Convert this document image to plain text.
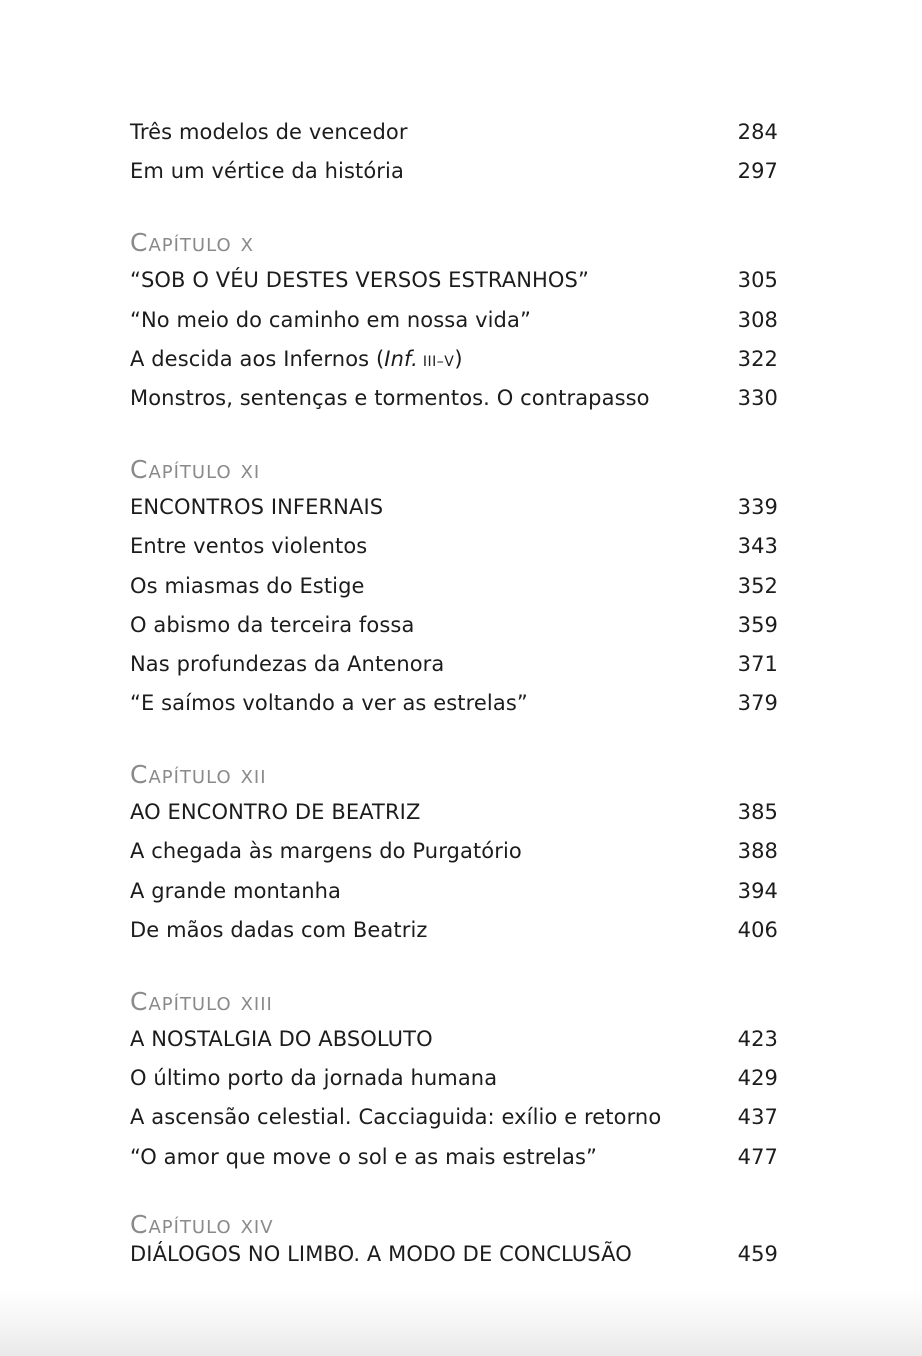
Três modelos de vencedor	284
Em um vértice da história	297
Capítulo x
“SOB O VÉU DESTES VERSOS ESTRANHOS”	305
“No meio do caminho em nossa vida”	308
A descida aos Infernos (Inf. III–V)	322
Monstros, sentenças e tormentos. O contrapasso	330
Capítulo xi
ENCONTROS INFERNAIS	339
Entre ventos violentos	343
Os miasmas do Estige	352
O abismo da terceira fossa	359
Nas profundezas da Antenora	371
“E saímos voltando a ver as estrelas”	379
Capítulo xii
AO ENCONTRO DE BEATRIZ	385
A chegada às margens do Purgatório	388
A grande montanha	394
De mãos dadas com Beatriz	406
Capítulo xiii
A NOSTALGIA DO ABSOLUTO	423
O último porto da jornada humana	429
A ascensão celestial. Cacciaguida: exílio e retorno	437
“O amor que move o sol e as mais estrelas”	477
Capítulo xiv
DIÁLOGOS NO LIMBO. A MODO DE CONCLUSÃO	459
